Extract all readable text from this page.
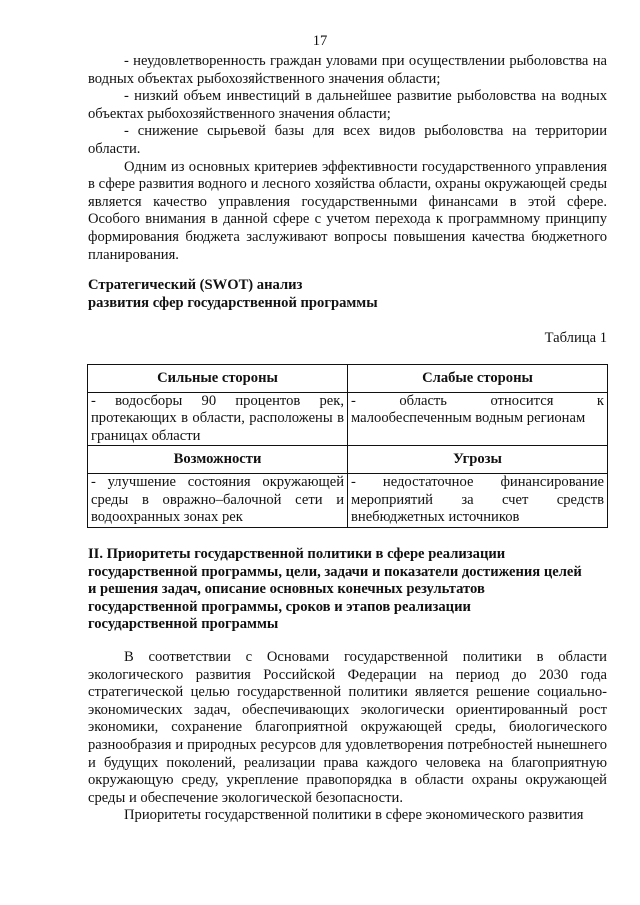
17

- неудовлетворенность граждан уловами при осуществлении рыболовства на водных объектах рыбохозяйственного значения области;

- низкий объем инвестиций в дальнейшее развитие рыболовства на водных объектах рыбохозяйственного значения области;

- снижение сырьевой базы для всех видов рыболовства на территории области.

Одним из основных критериев эффективности государственного управления в сфере развития водного и лесного хозяйства области, охраны окружающей среды является качество управления государственными финансами в этой сфере. Особого внимания в данной сфере с учетом перехода к программному принципу формирования бюджета заслуживают вопросы повышения качества бюджетного планирования.

Стратегический (SWOT) анализ

развития сфер государственной программы

Таблица 1
Сильные стороны	Слабые стороны
- водосборы 90 процентов рек, протекающих в области, расположены в границах области	- область относится к малообеспеченным водным регионам
Возможности	Угрозы
- улучшение состояния окружающей среды в овражно–балочной сети и водоохранных зонах рек	- недостаточное финансирование мероприятий за счет средств внебюджетных источников

II. Приоритеты государственной политики в сфере реализации

государственной программы, цели, задачи и показатели достижения целей

и решения задач, описание основных конечных результатов

государственной программы, сроков и этапов реализации

государственной программы

В соответствии с Основами государственной политики в области экологического развития Российской Федерации на период до 2030 года стратегической целью государственной политики является решение социально-экономических задач, обеспечивающих экологически ориентированный рост экономики, сохранение благоприятной окружающей среды, биологического разнообразия и природных ресурсов для удовлетворения потребностей нынешнего и будущих поколений, реализации права каждого человека на благоприятную окружающую среду, укрепление правопорядка в области охраны окружающей среды и обеспечение экологической безопасности.

Приоритеты государственной политики в сфере экономического развития
